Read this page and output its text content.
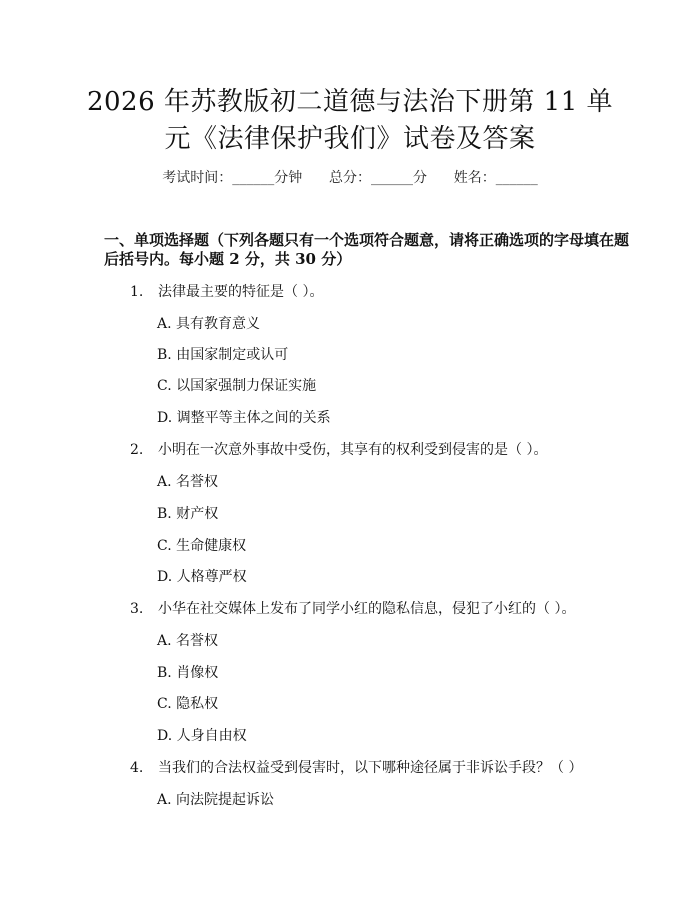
2026 年苏教版初二道德与法治下册第 11 单
元《法律保护我们》试卷及答案
考试时间：______分钟      总分：______分      姓名：______
一、单项选择题（下列各题只有一个选项符合题意，请将正确选项的字母填在题
后括号内。每小题 2 分，共 30 分）
1. 法律最主要的特征是（ ）。
A. 具有教育意义
B. 由国家制定或认可
C. 以国家强制力保证实施
D. 调整平等主体之间的关系
2. 小明在一次意外事故中受伤，其享有的权利受到侵害的是（ ）。
A. 名誉权
B. 财产权
C. 生命健康权
D. 人格尊严权
3. 小华在社交媒体上发布了同学小红的隐私信息，侵犯了小红的（ ）。
A. 名誉权
B. 肖像权
C. 隐私权
D. 人身自由权
4. 当我们的合法权益受到侵害时，以下哪种途径属于非诉讼手段？（ ）
A. 向法院提起诉讼
